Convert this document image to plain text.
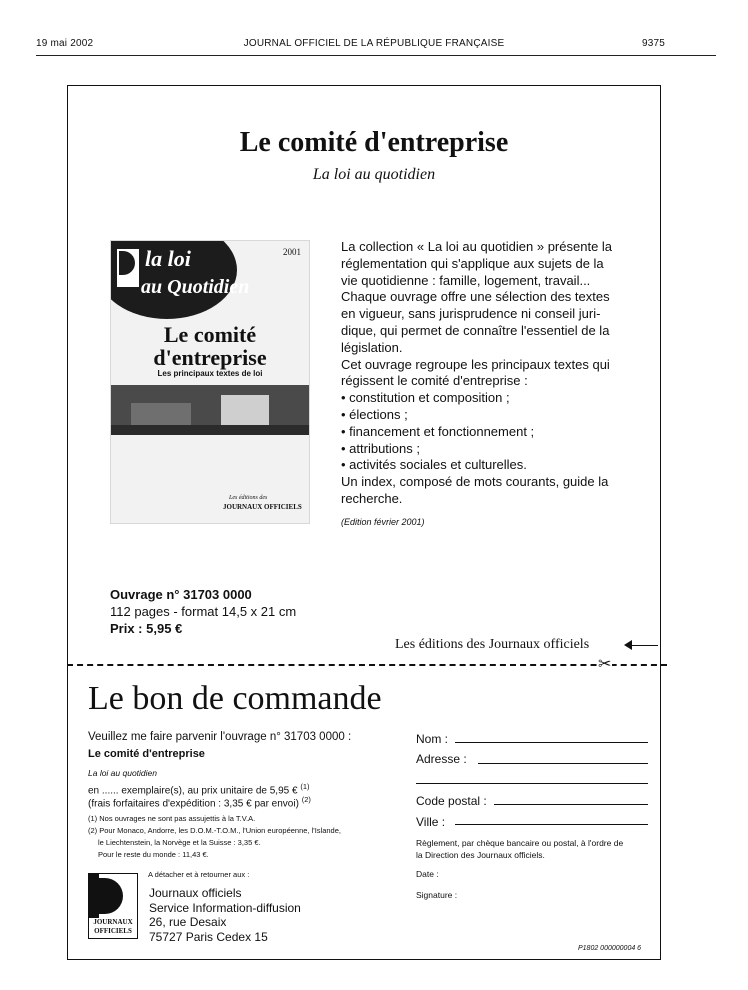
19 mai 2002	JOURNAL OFFICIEL DE LA RÉPUBLIQUE FRANÇAISE	9375
Le comité d'entreprise
La loi au quotidien
la loi
au Quotidien
2001
Le comité
d'entreprise
Les principaux textes de loi
Les éditions des
JOURNAUX OFFICIELS
La collection « La loi au quotidien » présente la
réglementation qui s'applique aux sujets de la
vie quotidienne : famille, logement, travail...
Chaque ouvrage offre une sélection des textes
en vigueur, sans jurisprudence ni conseil juri-
dique, qui permet de connaître l'essentiel de la
législation.
Cet ouvrage regroupe les principaux textes qui
régissent le comité d'entreprise :
• constitution et composition ;
• élections ;
• financement et fonctionnement ;
• attributions ;
• activités sociales et culturelles.
Un index, composé de mots courants, guide la
recherche.
(Edition février 2001)
Ouvrage n° 31703 0000
112 pages - format 14,5 x 21 cm
Prix : 5,95 €
Les éditions des Journaux officiels
✂
Le bon de commande
Veuillez me faire parvenir l'ouvrage n° 31703 0000 :
Le comité d'entreprise
La loi au quotidien
en ...... exemplaire(s), au prix unitaire de 5,95 € $^{(1)}$
(frais forfaitaires d'expédition : 3,35 € par envoi) $^{(2)}$
(1) Nos ouvrages ne sont pas assujettis à la T.V.A.
(2) Pour Monaco, Andorre, les D.O.M.-T.O.M., l'Union européenne, l'Islande,
le Liechtenstein, la Norvège et la Suisse : 3,35 €.
Pour le reste du monde : 11,43 €.
A détacher et à retourner aux :
JOURNAUX
OFFICIELS
Journaux officiels
Service Information-diffusion
26, rue Desaix
75727 Paris Cedex 15
Nom :
Adresse :
Code postal :
Ville :
Règlement, par chèque bancaire ou postal, à l'ordre de
la Direction des Journaux officiels.
Date :
Signature :
P1802 000000004 6
